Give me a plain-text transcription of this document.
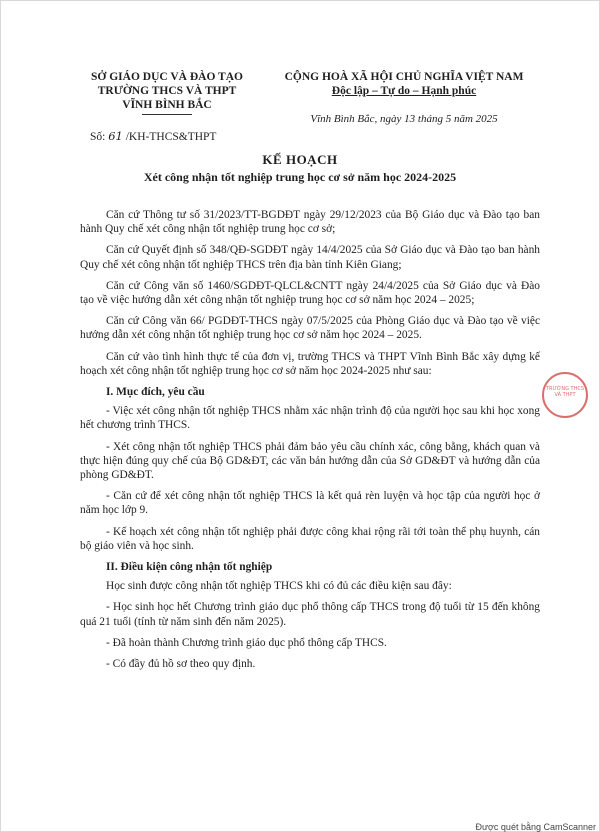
SỞ GIÁO DỤC VÀ ĐÀO TẠO
TRƯỜNG THCS VÀ THPT
VĨNH BÌNH BẮC
Số: 61 /KH-THCS&THPT
CỘNG HOÀ XÃ HỘI CHỦ NGHĨA VIỆT NAM
Độc lập – Tự do – Hạnh phúc
Vĩnh Bình Bắc, ngày 13 tháng 5 năm 2025
KẾ HOẠCH
Xét công nhận tốt nghiệp trung học cơ sở năm học 2024-2025

Căn cứ Thông tư số 31/2023/TT-BGDĐT ngày 29/12/2023 của Bộ Giáo dục và Đào tạo ban hành Quy chế xét công nhận tốt nghiệp trung học cơ sở;

Căn cứ Quyết định số 348/QĐ-SGDĐT ngày 14/4/2025 của Sở Giáo dục và Đào tạo ban hành Quy chế xét công nhận tốt nghiệp THCS trên địa bàn tỉnh Kiên Giang;

Căn cứ Công văn số 1460/SGDĐT-QLCL&CNTT ngày 24/4/2025 của Sở Giáo dục và Đào tạo về việc hướng dẫn xét công nhận tốt nghiệp trung học cơ sở năm học 2024 – 2025;

Căn cứ Công văn 66/ PGDĐT-THCS ngày 07/5/2025 của Phòng Giáo dục và Đào tạo về việc hướng dẫn xét công nhận tốt nghiệp trung học cơ sở năm học 2024 – 2025.

Căn cứ vào tình hình thực tế của đơn vị, trường THCS và THPT Vĩnh Bình Bắc xây dựng kế hoạch xét công nhận tốt nghiệp trung học cơ sở năm học 2024-2025 như sau:

I. Mục đích, yêu cầu

- Việc xét công nhận tốt nghiệp THCS nhằm xác nhận trình độ của người học sau khi học xong hết chương trình THCS.

- Xét công nhận tốt nghiệp THCS phải đảm bảo yêu cầu chính xác, công bằng, khách quan và thực hiện đúng quy chế của Bộ GD&ĐT, các văn bản hướng dẫn của Sở GD&ĐT và hướng dẫn của phòng GD&ĐT.

- Căn cứ để xét công nhận tốt nghiệp THCS là kết quả rèn luyện và học tập của người học ở năm học lớp 9.

- Kế hoạch xét công nhận tốt nghiệp phải được công khai rộng rãi tới toàn thể phụ huynh, cán bộ giáo viên và học sinh.

II. Điều kiện công nhận tốt nghiệp

Học sinh được công nhận tốt nghiệp THCS khi có đủ các điều kiện sau đây:

- Học sinh học hết Chương trình giáo dục phổ thông cấp THCS trong độ tuổi từ 15 đến không quá 21 tuổi (tính từ năm sinh đến năm 2025).

- Đã hoàn thành Chương trình giáo dục phổ thông cấp THCS.

- Có đầy đủ hồ sơ theo quy định.

TRƯỜNG THCS VÀ THPT
Được quét bằng CamScanner
